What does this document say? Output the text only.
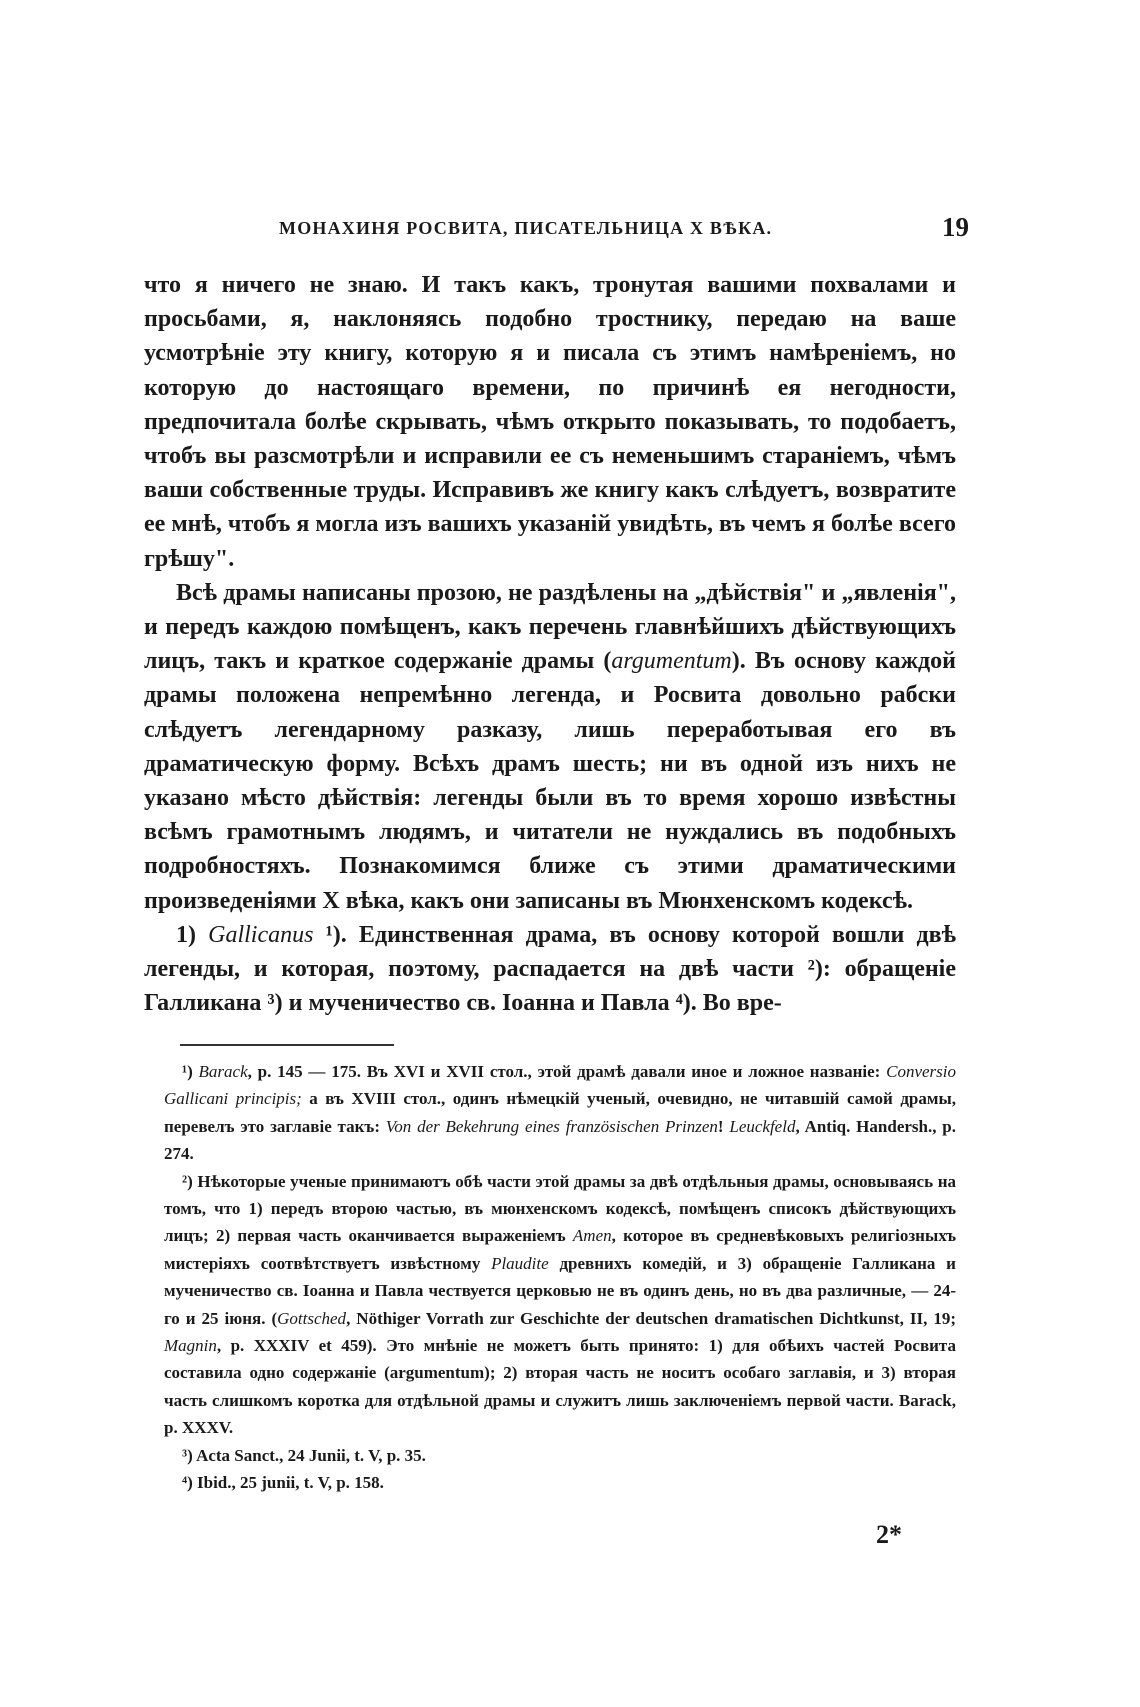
МОНАХИНЯ РОСВИТА, ПИСАТЕЛЬНИЦА X ВѢКА.	19

что я ничего не знаю. И такъ какъ, тронутая вашими похвалами и просьбами, я, наклоняясь подобно тростнику, передаю на ваше усмотрѣніе эту книгу, которую я и писала съ этимъ намѣреніемъ, но которую до настоящаго времени, по причинѣ ея негодности, предпочитала болѣе скрывать, чѣмъ открыто показывать, то подобаетъ, чтобъ вы разсмотрѣли и исправили ее съ неменьшимъ стараніемъ, чѣмъ ваши собственные труды. Исправивъ же книгу какъ слѣдуетъ, возвратите ее мнѣ, чтобъ я могла изъ вашихъ указаній увидѣть, въ чемъ я болѣе всего грѣшу".

Всѣ драмы написаны прозою, не раздѣлены на „дѣйствія" и „явленія", и передъ каждою помѣщенъ, какъ перечень главнѣйшихъ дѣйствующихъ лицъ, такъ и краткое содержаніе драмы (argumentum). Въ основу каждой драмы положена непремѣнно легенда, и Росвита довольно рабски слѣдуетъ легендарному разказу, лишь переработывая его въ драматическую форму. Всѣхъ драмъ шесть; ни въ одной изъ нихъ не указано мѣсто дѣйствія: легенды были въ то время хорошо извѣстны всѣмъ грамотнымъ людямъ, и читатели не нуждались въ подобныхъ подробностяхъ. Познакомимся ближе съ этими драматическими произведеніями X вѣка, какъ они записаны въ Мюнхенскомъ кодексѣ.

1) Gallicanus ¹). Единственная драма, въ основу которой вошли двѣ легенды, и которая, поэтому, распадается на двѣ части ²): обращеніе Галликана ³) и мученичество св. Іоанна и Павла ⁴). Во вре-

¹) Barack, p. 145 — 175. Въ XVI и XVII стол., этой драмѣ давали иное и ложное названіе: Conversio Gallicani principis; а въ XVIII стол., одинъ нѣмецкій ученый, очевидно, не читавшій самой драмы, перевелъ это заглавіе такъ: Von der Bekehrung eines französischen Prinzen! Leuckfeld, Antiq. Handersh., p. 274.

²) Нѣкоторые ученые принимаютъ обѣ части этой драмы за двѣ отдѣльныя драмы, основываясь на томъ, что 1) передъ второю частью, въ мюнхенскомъ кодексѣ, помѣщенъ списокъ дѣйствующихъ лицъ; 2) первая часть оканчивается выраженіемъ Amen, которое въ средневѣковыхъ религіозныхъ мистеріяхъ соотвѣтствуетъ извѣстному Plaudite древнихъ комедій, и 3) обращеніе Галликана и мученичество св. Іоанна и Павла чествуется церковью не въ одинъ день, но въ два различные, — 24-го и 25 іюня. (Gottsched, Nöthiger Vorrath zur Geschichte der deutschen dramatischen Dichtkunst, II, 19; Magnin, p. XXXIV et 459). Это мнѣніе не можетъ быть принято: 1) для обѣихъ частей Росвита составила одно содержаніе (argumentum); 2) вторая часть не носитъ особаго заглавія, и 3) вторая часть слишкомъ коротка для отдѣльной драмы и служитъ лишь заключеніемъ первой части. Barack, p. XXXV.

³) Acta Sanct., 24 Junii, t. V, p. 35.

⁴) Ibid., 25 junii, t. V, p. 158.

2*
